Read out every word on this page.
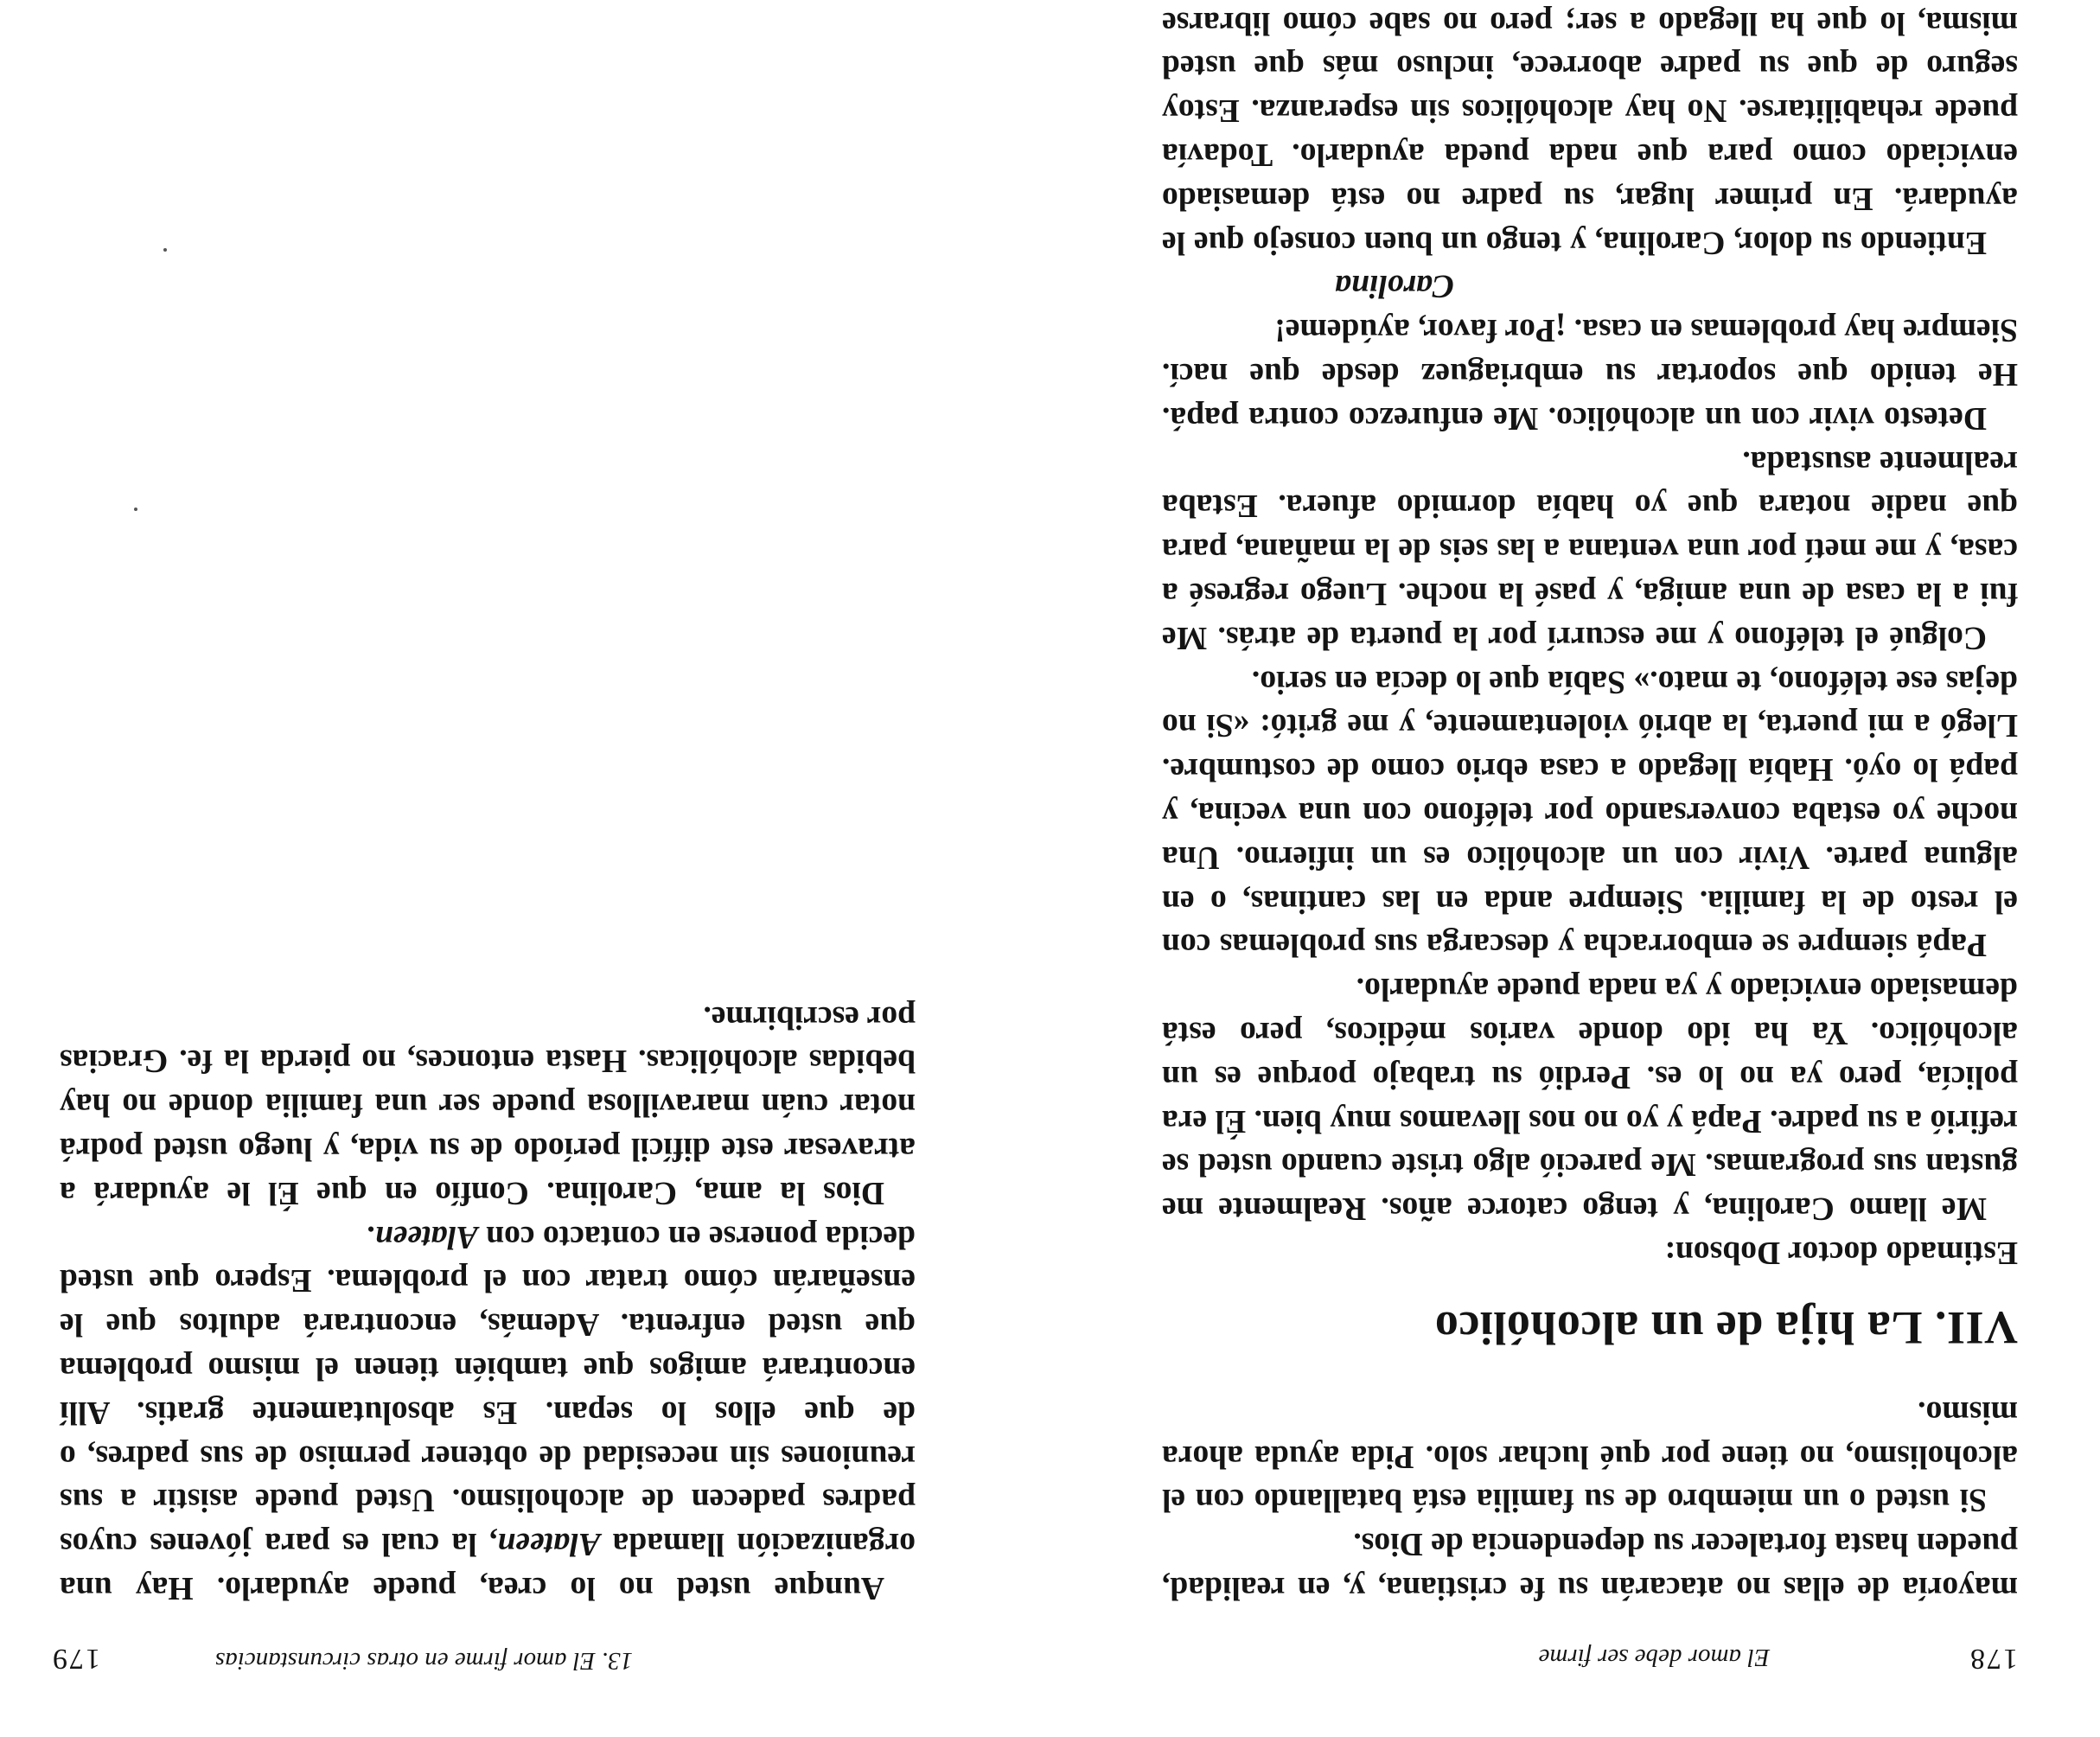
178
El amor debe ser firme

mayoría de ellas no atacarán su fe cristiana, y, en realidad, pueden hasta fortalecer su dependencia de Dios.

Si usted o un miembro de su familia está batallando con el alcoholismo, no tiene por qué luchar solo. Pida ayuda ahora mismo.

VII. La hija de un alcohólico

Estimado doctor Dobson:

Me llamo Carolina, y tengo catorce años. Realmente me gustan sus programas. Me pareció algo triste cuando usted se refirió a su padre. Papá y yo no nos llevamos muy bien. Él era policía, pero ya no lo es. Perdió su trabajo porque es un alcohólico. Ya ha ido donde varios médicos, pero está demasiado enviciado y ya nada puede ayudarlo.

Papá siempre se emborracha y descarga sus problemas con el resto de la familia. Siempre anda en las cantinas, o en alguna parte. Vivir con un alcohólico es un infierno. Una noche yo estaba conversando por teléfono con una vecina, y papá lo oyó. Había llegado a casa ebrio como de costumbre. Llegó a mi puerta, la abrió violentamente, y me gritó: «Si no dejas ese teléfono, te mato.» Sabía que lo decía en serio.

Colgué el teléfono y me escurrí por la puerta de atrás. Me fui a la casa de una amiga, y pasé la noche. Luego regresé a casa, y me metí por una ventana a las seis de la mañana, para que nadie notara que yo había dormido afuera. Estaba realmente asustada.

Detesto vivir con un alcohólico. Me enfurezco contra papá. He tenido que soportar su embriaguez desde que nací. Siempre hay problemas en casa. ¡Por favor, ayúdeme!

Carolina

Entiendo su dolor, Carolina, y tengo un buen consejo que le ayudará. En primer lugar, su padre no está demasiado enviciado como para que nada pueda ayudarlo. Todavía puede rehabilitarse. No hay alcohólicos sin esperanza. Estoy seguro de que su padre aborrece, incluso más que usted misma, lo que ha llegado a ser; pero no sabe cómo librarse

13. El amor firme en otras circunstancias
179

Aunque usted no lo crea, puede ayudarlo. Hay una organización llamada Alateen, la cual es para jóvenes cuyos padres padecen de alcoholismo. Usted puede asistir a sus reuniones sin necesidad de obtener permiso de sus padres, o de que ellos lo sepan. Es absolutamente gratis. Allí encontrará amigos que también tienen el mismo problema que usted enfrenta. Además, encontrará adultos que le enseñarán cómo tratar con el problema. Espero que usted decida ponerse en contacto con Alateen.

Dios la ama, Carolina. Confío en que Él le ayudará a atravesar este difícil período de su vida, y luego usted podrá notar cuán maravillosa puede ser una familia donde no hay bebidas alcohólicas. Hasta entonces, no pierda la fe. Gracias por escribirme.
